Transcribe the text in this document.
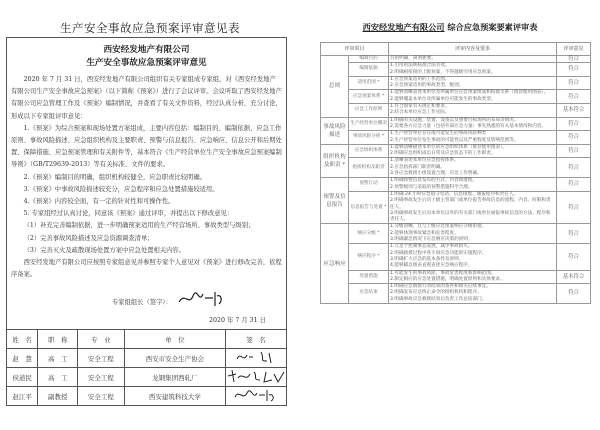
生产安全事故应急预案评审意见表
西安经发地产有限公司
生产安全事故应急预案评审意见

2020 年 7 月 31 日，西安经发地产有限公司组织有关专家组成专家组，对《西安经发地产有限公司生产安全事故应急预案》（以下简称《预案》）进行了会议评审。会议听取了西安经发地产有限公司应急管理工作及《预案》编制情况，并查看了有关文件资料，经过认真分析，充分讨论，形成以下专家组评审意见：

1.《预案》为综合预案和现场处置方案组成，主要内容包括：编制目的、编制依据、应急工作原则、事故风险描述、应急组织机构及主要职责、预警与信息报告、应急响应、信息公开和后期处置、保障措施、应急预案管理和有关附件等，基本符合《生产经营单位生产安全事故应急预案编制导则》（GB/T29639-2013）等有关标准、文件的要求。

2.《预案》编制目的明确，组织机构较健全，应急职责比较明确。

3.《预案》中事故风险描述较充分，应急程序和应急处置措施较适用。

4.《预案》内容较全面，有一定的针对性和可操作性。

5. 专家组经过认真讨论，同意该《预案》通过评审，并提出以下修改意见：

（1）补充完善编制依据，进一步明确预案适用的生产经营场所、事故类型与级别；

（2）完善事故风险描述及应急资源调查清单；

（3）完善灭火及疏散现场处置方案中应急处置相关内容。

西安经发地产有限公司应按照专家组意见并参照专家个人意见对《预案》进行修改完善，依程序备案。

专家组组长（签字）：
2020 年 7 月 31 日
姓　名	职　称	专　业	单　位	签　名
赵　慧	高　工	安全工程	西安市安全生产协会	
侯道民	高　工	安全工程	龙钢集团西轧厂	
赵江平	副教授	安全工程	西安建筑科技大学	
西安经发地产有限公司 综合应急预案要素评审表
评审项目		评审内容及要求	评审意见
总则	编制目的	目的明确，简明扼要。	符合
	编制依据	1.引用的法规标准合法有效。
2.明确相衔接的上级预案，不得越级引用应急预案。	符合
	适用范围 *	1.应急预案适用的工作范围。
2.应急预案适用的事故类型、级别。	符合
	应急预案体系 *	1.能够清晰表述本单位及所属单位应急预案组成和衔接关系（推荐使用图表）。
2.能够覆盖本单位及所属单位可能发生的事故类型。	符合
	应急工作原则	1.符合国家有关规定和要求。
2.结合本单位应急工作实际。	基本符合
事故风险描述	生产经营单位概况	1.明确有关设施、装置、设备以及重要目标场所的布局等情况。
2.需要各方应急力量（包括外部应急力量）事先熟悉的有关基本情况和内容。	符合
	事故风险分析 *	1.生产经营单位存在或可能发生的事故风险种类
2.生产经营单位发生事故的可能性以及严重程度及影响范围等。	符合
组织机构及职责 *	应急组织体系	1.能够清晰描述本单位的应急组织体系（推荐使用图表）。
2.明确应急组织成员日常及应急状态下的工作职责。	符合
	指挥机构及职责	1.清晰表述本单位应急指挥体系。
2.应急指挥部门职责明确。
3.各应急救援小组设置合理，应急工作明确。	符合
预警及信息报告	预警行动	1.明确预警信息发布的方式、内容和流程。
2.预警级别与采取的预警措施科学合理。	符合
	信息报告与处置 *	1.明确 24 小时应急值守电话、信息接收、通报程序和责任人。
2.明确事故发生后向上级主管部门或单位报告事故信息的流程、内容、时限和责任人。
3.明确事故发生后向本单位以外的有关部门或单位通报事故信息的方法、程序和责任人。	符合
应急响应	响应分级 *	1.分级清晰，且与上级应急预案响应分级衔接。
2.能够体现事故紧急和危害程度。
3.明确紧急情况下应急响应决策的原则。	符合
	响应程序 *	1.立足于控制事态发展，减少事故损失。
2.明确救援过程中各专项应急功能的实施程序。
3.明确扩大应急的基本条件及原则。
4.能够辅以图表直观表述应急响应程序。	符合
	处置措施	1.可能发生的事故风险、事故危害程度和影响范围。
2.制定相应的应急处置措施，明确处置原则和具体要求。	基本符合
	应急结束	1.明确应急救援行动结束的条件和相关后续事宜。
2.明确发布应急终止命令的组织机构和程序。
3.明确事故应急救援结束后负责工作总结部门。	符合
